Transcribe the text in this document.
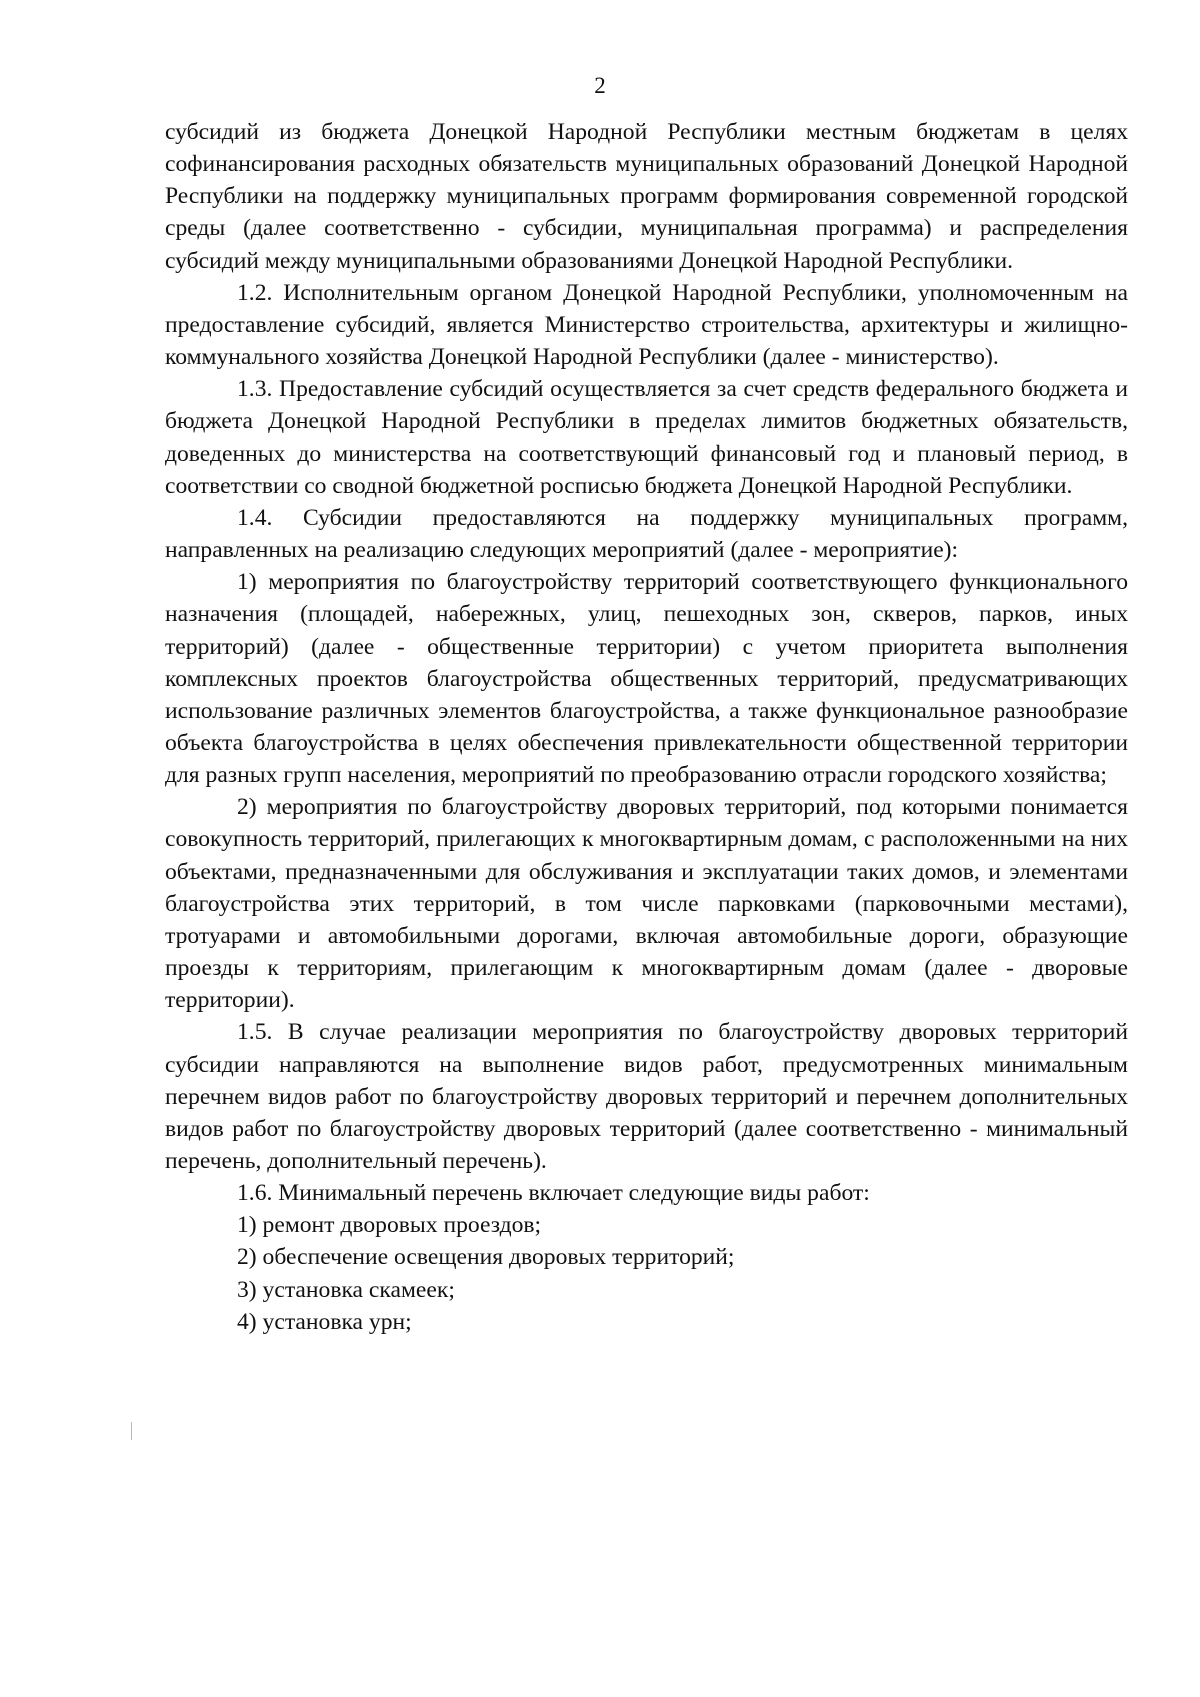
2

субсидий из бюджета Донецкой Народной Республики местным бюджетам в целях софинансирования расходных обязательств муниципальных образований Донецкой Народной Республики на поддержку муниципальных программ формирования современной городской среды (далее соответственно - субсидии, муниципальная программа) и распределения субсидий между муниципальными образованиями Донецкой Народной Республики.

1.2. Исполнительным органом Донецкой Народной Республики, уполномоченным на предоставление субсидий, является Министерство строительства, архитектуры и жилищно-коммунального хозяйства Донецкой Народной Республики (далее - министерство).

1.3. Предоставление субсидий осуществляется за счет средств федерального бюджета и бюджета Донецкой Народной Республики в пределах лимитов бюджетных обязательств, доведенных до министерства на соответствующий финансовый год и плановый период, в соответствии со сводной бюджетной росписью бюджета Донецкой Народной Республики.

1.4. Субсидии предоставляются на поддержку муниципальных программ, направленных на реализацию следующих мероприятий (далее - мероприятие):

1) мероприятия по благоустройству территорий соответствующего функционального назначения (площадей, набережных, улиц, пешеходных зон, скверов, парков, иных территорий) (далее - общественные территории) с учетом приоритета выполнения комплексных проектов благоустройства общественных территорий, предусматривающих использование различных элементов благоустройства, а также функциональное разнообразие объекта благоустройства в целях обеспечения привлекательности общественной территории для разных групп населения, мероприятий по преобразованию отрасли городского хозяйства;

2) мероприятия по благоустройству дворовых территорий, под которыми понимается совокупность территорий, прилегающих к многоквартирным домам, с расположенными на них объектами, предназначенными для обслуживания и эксплуатации таких домов, и элементами благоустройства этих территорий, в том числе парковками (парковочными местами), тротуарами и автомобильными дорогами, включая автомобильные дороги, образующие проезды к территориям, прилегающим к многоквартирным домам (далее - дворовые территории).

1.5. В случае реализации мероприятия по благоустройству дворовых территорий субсидии направляются на выполнение видов работ, предусмотренных минимальным перечнем видов работ по благоустройству дворовых территорий и перечнем дополнительных видов работ по благоустройству дворовых территорий (далее соответственно - минимальный перечень, дополнительный перечень).

1.6. Минимальный перечень включает следующие виды работ:

1) ремонт дворовых проездов;

2) обеспечение освещения дворовых территорий;

3) установка скамеек;

4) установка урн;
